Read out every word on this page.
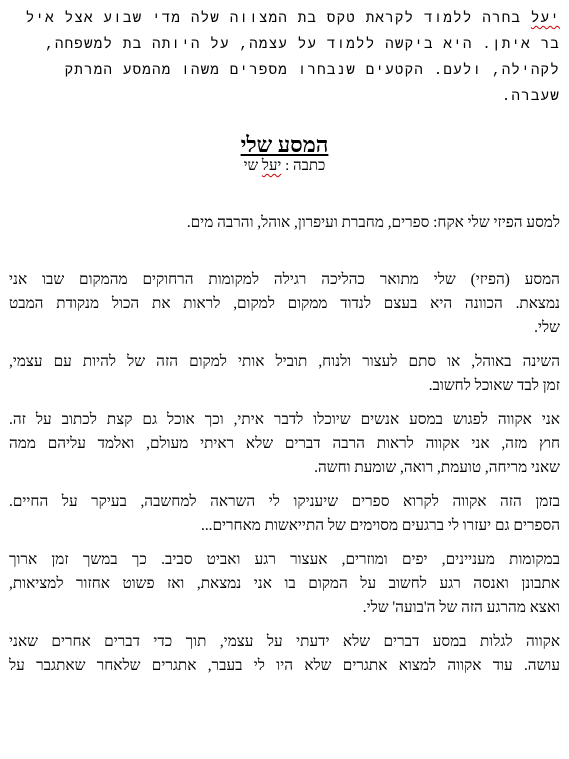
יעל בחרה ללמוד לקראת טקס בת המצווה שלה מדי שבוע אצל איל
בר איתן. היא ביקשה ללמוד על עצמה, על היותה בת למשפחה,
לקהילה, ולעם. הקטעים שנבחרו מספרים משהו מהמסע המרתק
שעברה.

המסע שלי

כתבה : יעל שי

למסע הפיזי שלי אקח: ספרים, מחברת ועיפרון, אוהל, והרבה מים.

המסע (הפיזי) שלי מתואר כהליכה רגילה למקומות הרחוקים מהמקום שבו אני
נמצאת. הכוונה היא בעצם לנדוד ממקום למקום, לראות את הכול מנקודת המבט
שלי.

השינה באוהל, או סתם לעצור ולנוח, תוביל אותי למקום הזה של להיות עם עצמי,
זמן לבד שאוכל לחשוב.

אני אקווה לפגוש במסע אנשים שיוכלו לדבר איתי, וכך אוכל גם קצת לכתוב על זה.
חוץ מזה, אני אקווה לראות הרבה דברים שלא ראיתי מעולם, ואלמד עליהם ממה
שאני מריחה, טועמת, רואה, שומעת וחשה.

בזמן הזה אקווה לקרוא ספרים שיעניקו לי השראה למחשבה, בעיקר על החיים.
הספרים גם יעזרו לי ברגעים מסוימים של התייאשות מאחרים...

במקומות מעניינים, יפים ומוזרים, אעצור רגע ואביט סביב. כך במשך זמן ארוך
אתבונן ואנסה רגע לחשוב על המקום בו אני נמצאת, ואז פשוט אחזור למציאות,
ואצא מהרגע הזה של ה'בועה' שלי.

אקווה לגלות במסע דברים שלא ידעתי על עצמי, תוך כדי דברים אחרים שאני
עושה. עוד אקווה למצוא אתגרים שלא היו לי בעבר, אתגרים שלאחר שאתגבר על
